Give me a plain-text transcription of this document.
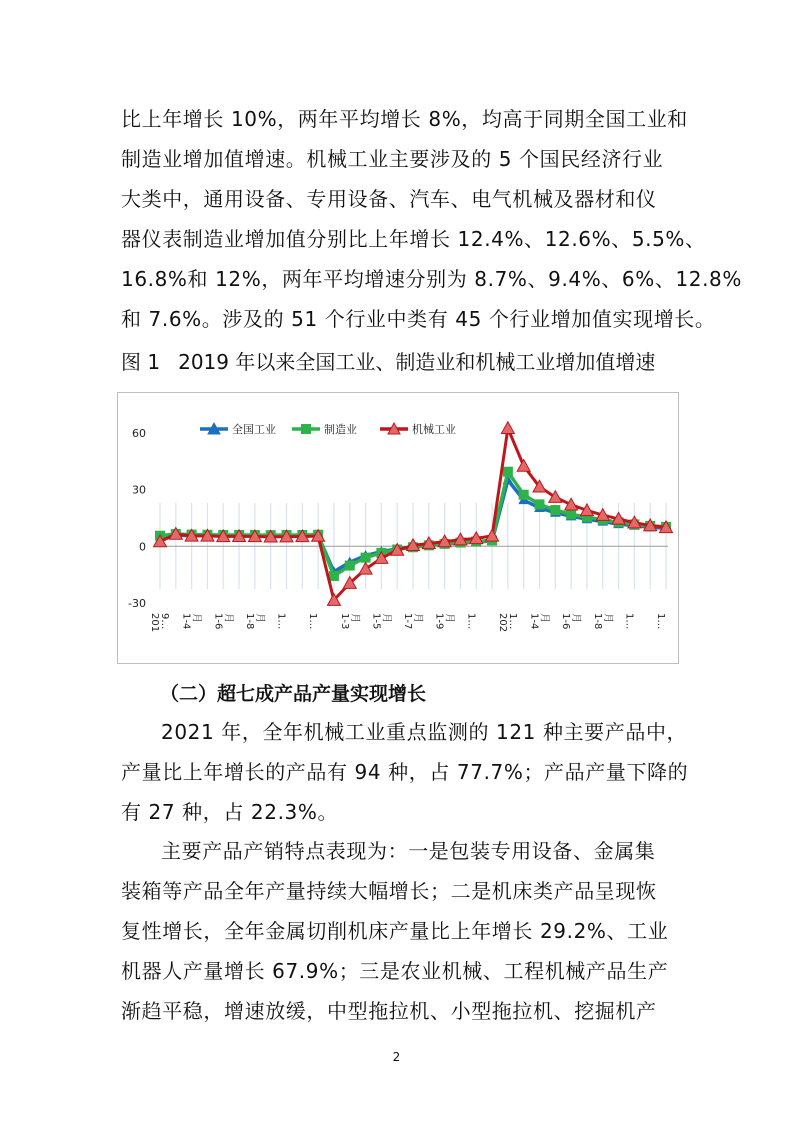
比上年增长 10%，两年平均增长 8%，均高于同期全国工业和
制造业增加值增速。机械工业主要涉及的 5 个国民经济行业
大类中，通用设备、专用设备、汽车、电气机械及器材和仪
器仪表制造业增加值分别比上年增长 12.4%、12.6%、5.5%、
16.8%和 12%，两年平均增速分别为 8.7%、9.4%、6%、12.8%
和 7.6%。涉及的 51 个行业中类有 45 个行业增加值实现增长。

图 1 2019 年以来全国工业、制造业和机械工业增加值增速

60
30
0
-30
201 9… 1-4 月 1-6 月 1-8 月 1… 1… 1-3 月 1-5 月 1-7 月 1-9 月 1… 202 1… 1-4 月 1-6 月 1-8 月 1… 1…
全国工业	制造业	机械工业

（二）超七成产品产量实现增长

2021 年，全年机械工业重点监测的 121 种主要产品中，
产量比上年增长的产品有 94 种，占 77.7%；产品产量下降的
有 27 种，占 22.3%。
主要产品产销特点表现为：一是包装专用设备、金属集
装箱等产品全年产量持续大幅增长；二是机床类产品呈现恢
复性增长，全年金属切削机床产量比上年增长 29.2%、工业
机器人产量增长 67.9%；三是农业机械、工程机械产品生产
渐趋平稳，增速放缓，中型拖拉机、小型拖拉机、挖掘机产
2
